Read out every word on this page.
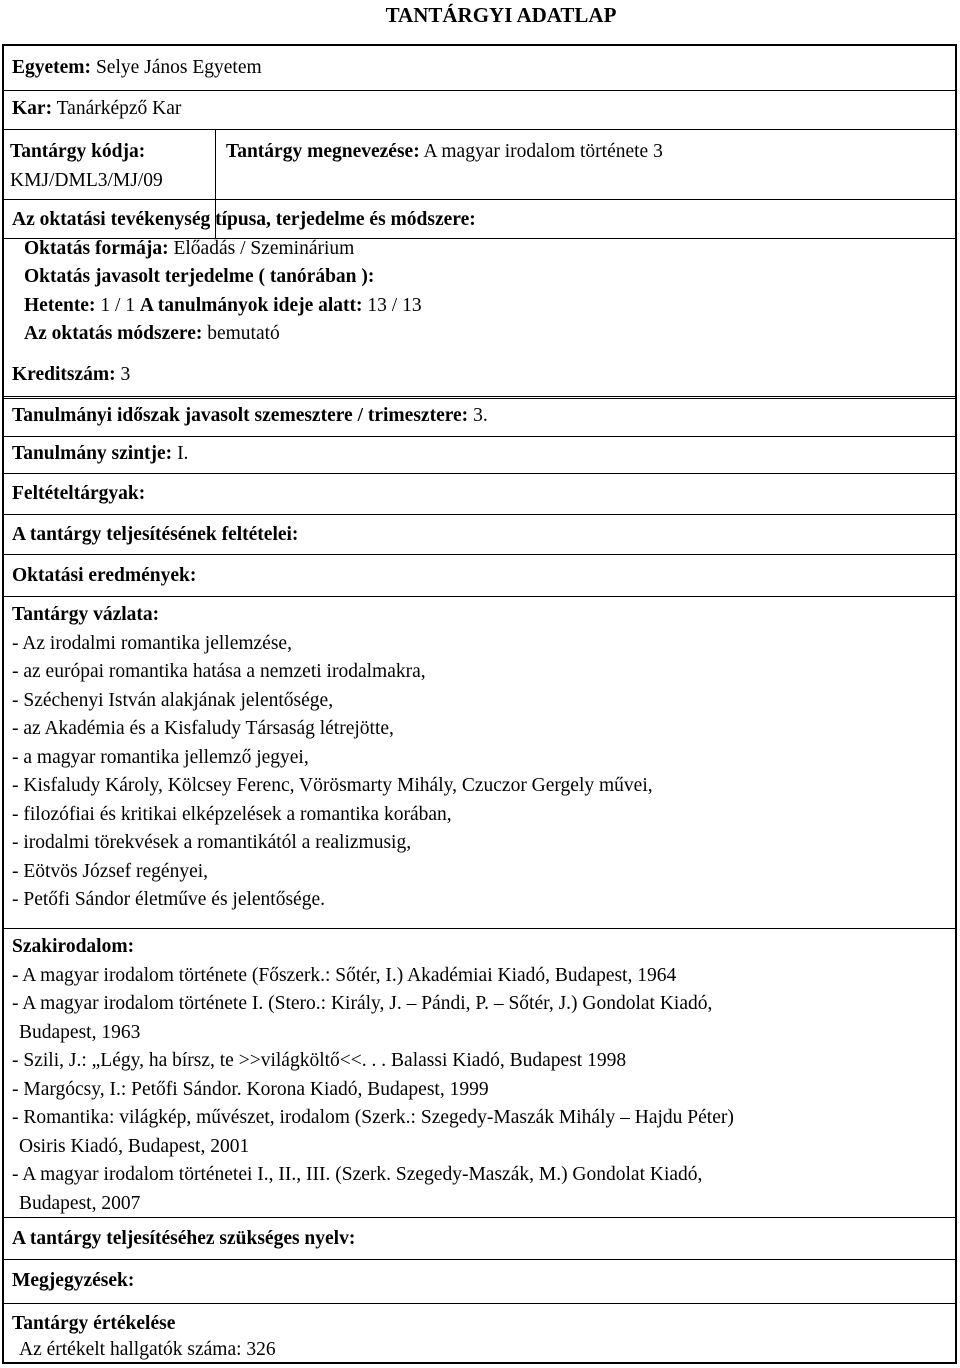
TANTÁRGYI ADATLAP
Egyetem: Selye János Egyetem
Kar: Tanárképző Kar
Tantárgy kódja:
KMJ/DML3/MJ/09
Tantárgy megnevezése: A magyar irodalom története 3
Az oktatási tevékenység típusa, terjedelme és módszere:
Oktatás formája: Előadás / Szeminárium
Oktatás javasolt terjedelme ( tanórában ):
Hetente: 1 / 1 A tanulmányok ideje alatt: 13 / 13
Az oktatás módszere: bemutató
Kreditszám: 3
Tanulmányi időszak javasolt szemesztere / trimesztere: 3.
Tanulmány szintje: I.
Feltételtárgyak:
A tantárgy teljesítésének feltételei:
Oktatási eredmények:
Tantárgy vázlata:
- Az irodalmi romantika jellemzése,
- az európai romantika hatása a nemzeti irodalmakra,
- Széchenyi István alakjának jelentősége,
- az Akadémia és a Kisfaludy Társaság létrejötte,
- a magyar romantika jellemző jegyei,
- Kisfaludy Károly, Kölcsey Ferenc, Vörösmarty Mihály, Czuczor Gergely művei,
- filozófiai és kritikai elképzelések a romantika korában,
- irodalmi törekvések a romantikától a realizmusig,
- Eötvös József regényei,
- Petőfi Sándor életműve és jelentősége.
Szakirodalom:
- A magyar irodalom története (Főszerk.: Sőtér, I.) Akadémiai Kiadó, Budapest, 1964
- A magyar irodalom története I. (Stero.: Király, J. – Pándi, P. – Sőtér, J.) Gondolat Kiadó,
Budapest, 1963
- Szili, J.: „Légy, ha bírsz, te >>világköltő<<. . . Balassi Kiadó, Budapest 1998
- Margócsy, I.: Petőfi Sándor. Korona Kiadó, Budapest, 1999
- Romantika: világkép, művészet, irodalom (Szerk.: Szegedy-Maszák Mihály – Hajdu Péter)
Osiris Kiadó, Budapest, 2001
- A magyar irodalom történetei I., II., III. (Szerk. Szegedy-Maszák, M.) Gondolat Kiadó,
Budapest, 2007
A tantárgy teljesítéséhez szükséges nyelv:
Megjegyzések:
Tantárgy értékelése
Az értékelt hallgatók száma: 326
